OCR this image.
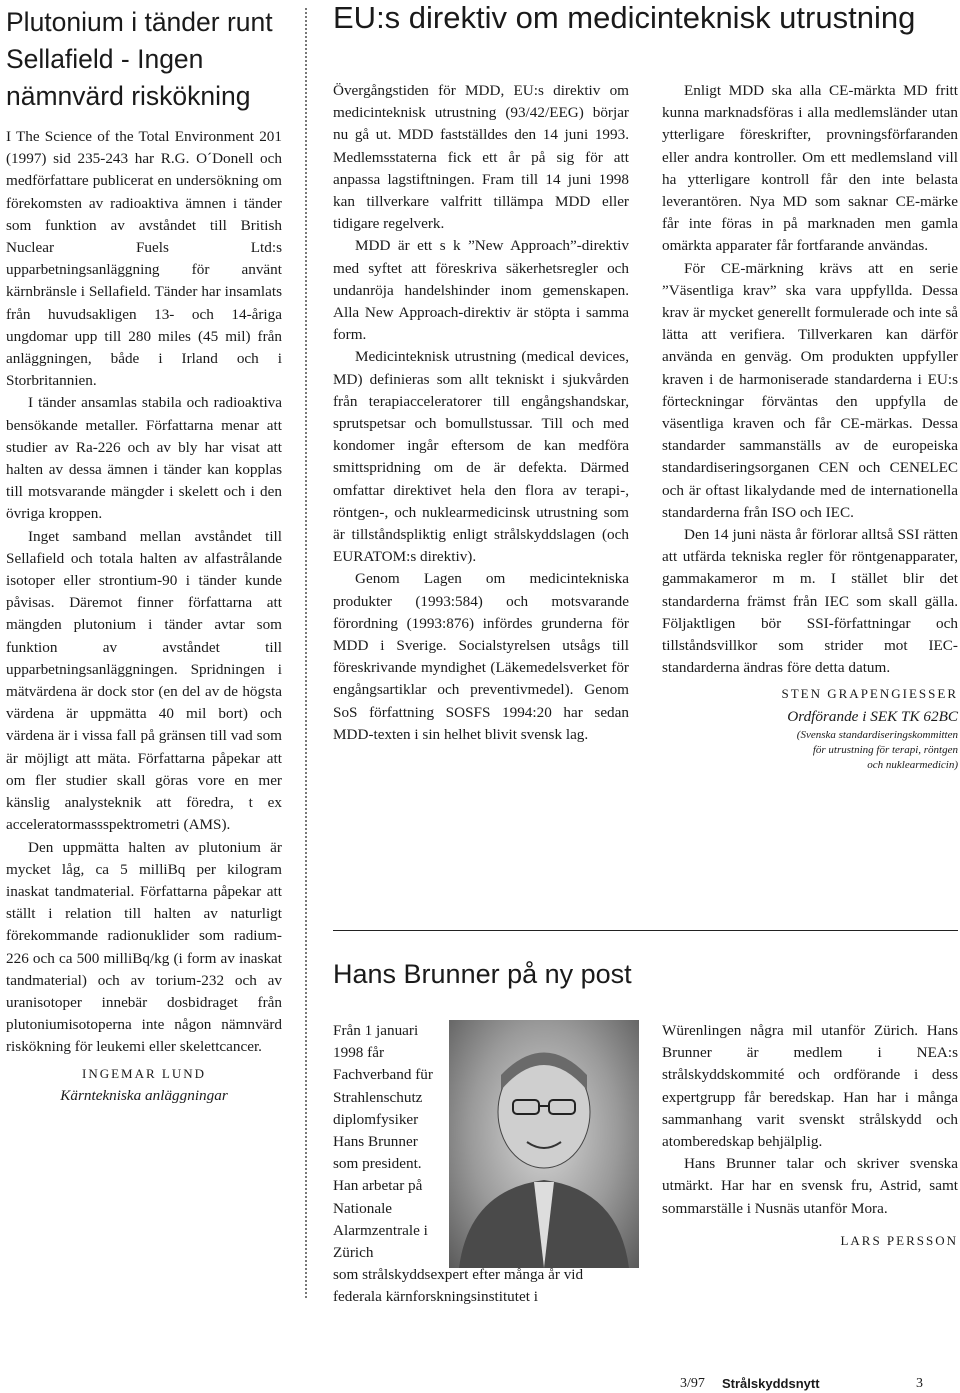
Plutonium i tänder runt Sellafield - Ingen nämnvärd riskökning

I The Science of the Total Environment 201 (1997) sid 235-243 har R.G. O´Donell och medförfattare publicerat en undersökning om förekomsten av radioaktiva ämnen i tänder som funktion av avståndet till British Nuclear Fuels Ltd:s upparbetningsanläggning för använt kärnbränsle i Sellafield. Tänder har insamlats från huvudsakligen 13- och 14-åriga ungdomar upp till 280 miles (45 mil) från anläggningen, både i Irland och i Storbritannien.

I tänder ansamlas stabila och radioaktiva bensökande metaller. Författarna menar att studier av Ra-226 och av bly har visat att halten av dessa ämnen i tänder kan kopplas till motsvarande mängder i skelett och i den övriga kroppen.

Inget samband mellan avståndet till Sellafield och totala halten av alfastrålande isotoper eller strontium-90 i tänder kunde påvisas. Däremot finner författarna att mängden plutonium i tänder avtar som funktion av avståndet till upparbetningsanläggningen. Spridningen i mätvärdena är dock stor (en del av de högsta värdena är uppmätta 40 mil bort) och värdena är i vissa fall på gränsen till vad som är möjligt att mäta. Författarna påpekar att om fler studier skall göras vore en mer känslig analysteknik att föredra, t ex acceleratormassspektrometri (AMS).

Den uppmätta halten av plutonium är mycket låg, ca 5 milliBq per kilogram inaskat tandmaterial. Författarna påpekar att ställt i relation till halten av naturligt förekommande radionuklider som radium-226 och ca 500 milliBq/kg (i form av inaskat tandmaterial) och av torium-232 och av uranisotoper innebär dosbidraget från plutoniumisotoperna inte någon nämnvärd riskökning för leukemi eller skelettcancer.

INGEMAR LUND

Kärntekniska anläggningar

EU:s direktiv om medicinteknisk utrustning

Övergångstiden för MDD, EU:s direktiv om medicinteknisk utrustning (93/42/EEG) börjar nu gå ut. MDD fastställdes den 14 juni 1993. Medlemsstaterna fick ett år på sig för att anpassa lagstiftningen. Fram till 14 juni 1998 kan tillverkare valfritt tillämpa MDD eller tidigare regelverk.

MDD är ett s k ”New Approach”-direktiv med syftet att föreskriva säkerhetsregler och undanröja handelshinder inom gemenskapen. Alla New Approach-direktiv är stöpta i samma form.

Medicinteknisk utrustning (medical devices, MD) definieras som allt tekniskt i sjukvården från terapiacceleratorer till engångshandskar, sprutspetsar och bomullstussar. Till och med kondomer ingår eftersom de kan medföra smittspridning om de är defekta. Därmed omfattar direktivet hela den flora av terapi-, röntgen-, och nuklearmedicinsk utrustning som är tillståndspliktig enligt strålskyddslagen (och EURATOM:s direktiv).

Genom Lagen om medicintekniska produkter (1993:584) och motsvarande förordning (1993:876) infördes grunderna för MDD i Sverige. Socialstyrelsen utsågs till föreskrivande myndighet (Läkemedelsverket för engångsartiklar och preventivmedel). Genom SoS författning SOSFS 1994:20 har sedan MDD-texten i sin helhet blivit svensk lag.

Enligt MDD ska alla CE-märkta MD fritt kunna marknadsföras i alla medlemsländer utan ytterligare föreskrifter, provningsförfaranden eller andra kontroller. Om ett medlemsland vill ha ytterligare kontroll får den inte belasta leverantören. Nya MD som saknar CE-märke får inte föras in på marknaden men gamla omärkta apparater får fortfarande användas.

För CE-märkning krävs att en serie ”Väsentliga krav” ska vara uppfyllda. Dessa krav är mycket generellt formulerade och inte så lätta att verifiera. Tillverkaren kan därför använda en genväg. Om produkten uppfyller kraven i de harmoniserade standarderna i EU:s förteckningar förväntas den uppfylla de väsentliga kraven och får CE-märkas. Dessa standarder sammanställs av de europeiska standardiseringsorganen CEN och CENELEC och är oftast likalydande med de internationella standarderna från ISO och IEC.

Den 14 juni nästa år förlorar alltså SSI rätten att utfärda tekniska regler för röntgenapparater, gammakameror m m. I stället blir det standarderna främst från IEC som skall gälla. Följaktligen bör SSI-författningar och tillståndsvillkor som strider mot IEC-standarderna ändras före detta datum.

STEN GRAPENGIESSER

Ordförande i SEK TK 62BC

(Svenska standardiseringskommitten

för utrustning för terapi, röntgen

och nuklearmedicin)

Hans Brunner på ny post

Från 1 januari 1998 får Fachverband für Strahlenschutz diplomfysiker Hans Brunner som president. Han arbetar på Nationale Alarmzentrale i Zürich

som strålskyddsexpert efter många år vid federala kärnforskningsinstitutet i

Würenlingen några mil utanför Zürich. Hans Brunner är medlem i NEA:s strålskyddskommité och ordförande i dess expertgrupp får beredskap. Han har i många sammanhang varit svenskt strålskydd och atomberedskap behjälplig.

Hans Brunner talar och skriver svenska utmärkt. Har har en svensk fru, Astrid, samt sommarställe i Nusnäs utanför Mora.

LARS PERSSON

3/97 Strålskyddsnytt	3
